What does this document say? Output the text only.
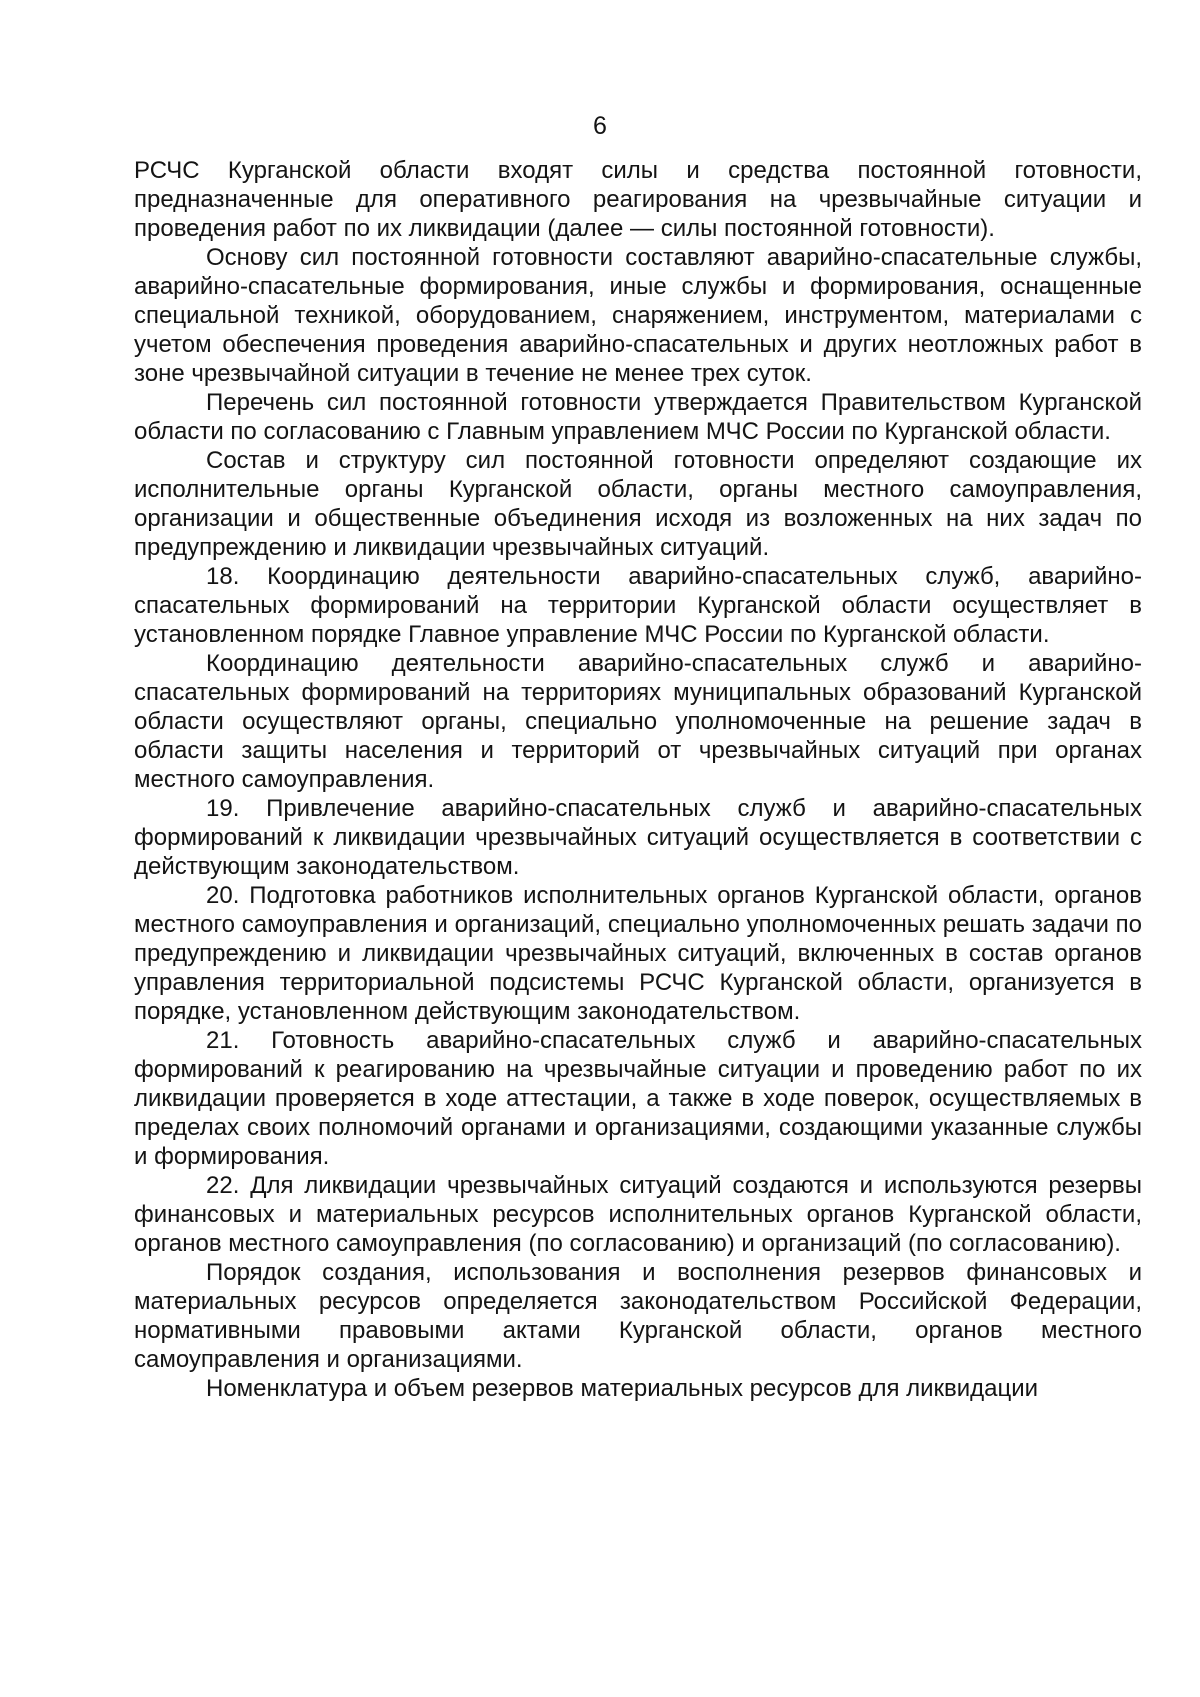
6

РСЧС Курганской области входят силы и средства постоянной готовности, предназначенные для оперативного реагирования на чрезвычайные ситуации и проведения работ по их ликвидации (далее — силы постоянной готовности).

Основу сил постоянной готовности составляют аварийно-спасательные службы, аварийно-спасательные формирования, иные службы и формирования, оснащенные специальной техникой, оборудованием, снаряжением, инструментом, материалами с учетом обеспечения проведения аварийно-спасательных и других неотложных работ в зоне чрезвычайной ситуации в течение не менее трех суток.

Перечень сил постоянной готовности утверждается Правительством Курганской области по согласованию с Главным управлением МЧС России по Курганской области.

Состав и структуру сил постоянной готовности определяют создающие их исполнительные органы Курганской области, органы местного самоуправления, организации и общественные объединения исходя из возложенных на них задач по предупреждению и ликвидации чрезвычайных ситуаций.

18. Координацию деятельности аварийно-спасательных служб, аварийно-спасательных формирований на территории Курганской области осуществляет в установленном порядке Главное управление МЧС России по Курганской области.

Координацию деятельности аварийно-спасательных служб и аварийно-спасательных формирований на территориях муниципальных образований Курганской области осуществляют органы, специально уполномоченные на решение задач в области защиты населения и территорий от чрезвычайных ситуаций при органах местного самоуправления.

19. Привлечение аварийно-спасательных служб и аварийно-спасательных формирований к ликвидации чрезвычайных ситуаций осуществляется в соответствии с действующим законодательством.

20. Подготовка работников исполнительных органов Курганской области, органов местного самоуправления и организаций, специально уполномоченных решать задачи по предупреждению и ликвидации чрезвычайных ситуаций, включенных в состав органов управления территориальной подсистемы РСЧС Курганской области, организуется в порядке, установленном действующим законодательством.

21. Готовность аварийно-спасательных служб и аварийно-спасательных формирований к реагированию на чрезвычайные ситуации и проведению работ по их ликвидации проверяется в ходе аттестации, а также в ходе поверок, осуществляемых в пределах своих полномочий органами и организациями, создающими указанные службы и формирования.

22. Для ликвидации чрезвычайных ситуаций создаются и используются резервы финансовых и материальных ресурсов исполнительных органов Курганской области, органов местного самоуправления (по согласованию) и организаций (по согласованию).

Порядок создания, использования и восполнения резервов финансовых и материальных ресурсов определяется законодательством Российской Федерации, нормативными правовыми актами Курганской области, органов местного самоуправления и организациями.

Номенклатура и объем резервов материальных ресурсов для ликвидации
